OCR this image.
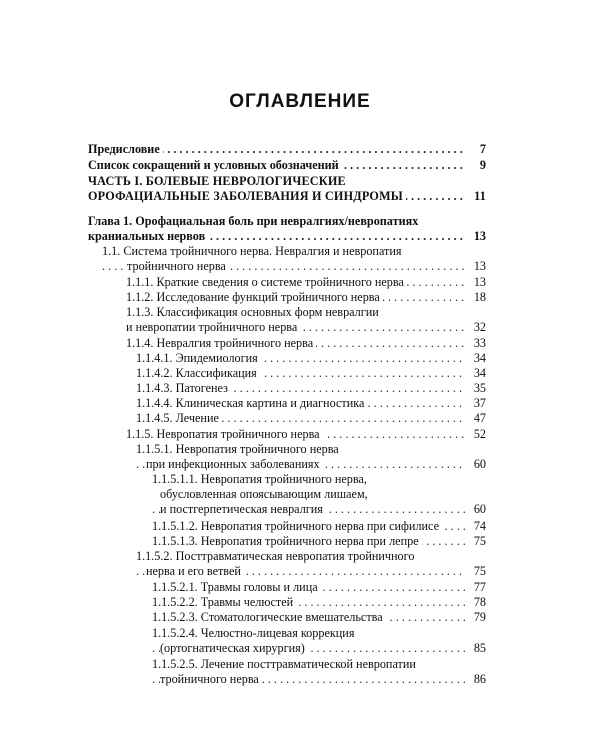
ОГЛАВЛЕНИЕ
Предисловие . . .	7
Список сокращений и условных обозначений . . .	9
ЧАСТЬ I. БОЛЕВЫЕ НЕВРОЛОГИЧЕСКИЕ
ОРОФАЦИАЛЬНЫЕ ЗАБОЛЕВАНИЯ И СИНДРОМЫ . . .	11
Глава 1. Орофациальная боль при невралгиях/невропатиях
краниальных нервов . . .	13
1.1. Система тройничного нерва. Невралгия и невропатия
тройничного нерва . . .	13
1.1.1. Краткие сведения о системе тройничного нерва . . .	13
1.1.2. Исследование функций тройничного нерва . . .	18
1.1.3. Классификация основных форм невралгии
и невропатии тройничного нерва . . .	32
1.1.4. Невралгия тройничного нерва . . .	33
1.1.4.1. Эпидемиология . . .	34
1.1.4.2. Классификация . . .	34
1.1.4.3. Патогенез . . .	35
1.1.4.4. Клиническая картина и диагностика . . .	37
1.1.4.5. Лечение . . .	47
1.1.5. Невропатия тройничного нерва . . .	52
1.1.5.1. Невропатия тройничного нерва
при инфекционных заболеваниях . . .	60
1.1.5.1.1. Невропатия тройничного нерва,
обусловленная опоясывающим лишаем,
и постгерпетическая невралгия . . .	60
1.1.5.1.2. Невропатия тройничного нерва при сифилисе . . .	74
1.1.5.1.3. Невропатия тройничного нерва при лепре . . .	75
1.1.5.2. Посттравматическая невропатия тройничного
нерва и его ветвей . . .	75
1.1.5.2.1. Травмы головы и лица . . .	77
1.1.5.2.2. Травмы челюстей . . .	78
1.1.5.2.3. Стоматологические вмешательства . . .	79
1.1.5.2.4. Челюстно-лицевая коррекция
(ортогнатическая хирургия) . . .	85
1.1.5.2.5. Лечение посттравматической невропатии
тройничного нерва . . .	86
